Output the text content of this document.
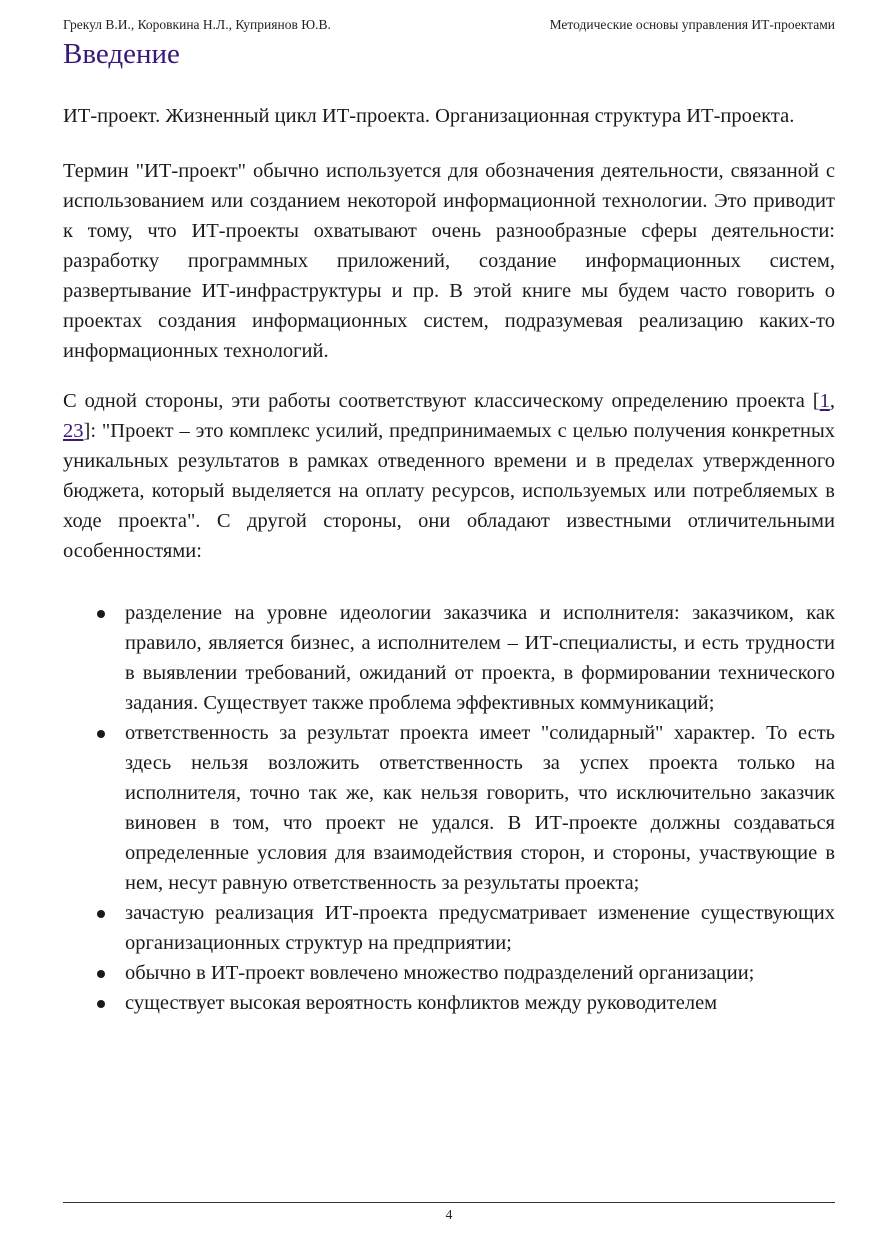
Грекул В.И., Коровкина Н.Л., Куприянов Ю.В.	Методические основы управления ИТ-проектами
Введение

ИТ-проект. Жизненный цикл ИТ-проекта. Организационная структура ИТ-проекта.

Термин "ИТ-проект" обычно используется для обозначения деятельности, связанной с использованием или созданием некоторой информационной технологии. Это приводит к тому, что ИТ-проекты охватывают очень разнообразные сферы деятельности: разработку программных приложений, создание информационных систем, развертывание ИТ-инфраструктуры и пр. В этой книге мы будем часто говорить о проектах создания информационных систем, подразумевая реализацию каких-то информационных технологий.

С одной стороны, эти работы соответствуют классическому определению проекта [1, 23]: "Проект – это комплекс усилий, предпринимаемых с целью получения конкретных уникальных результатов в рамках отведенного времени и в пределах утвержденного бюджета, который выделяется на оплату ресурсов, используемых или потребляемых в ходе проекта". С другой стороны, они обладают известными отличительными особенностями:

разделение на уровне идеологии заказчика и исполнителя: заказчиком, как правило, является бизнес, а исполнителем – ИТ-специалисты, и есть трудности в выявлении требований, ожиданий от проекта, в формировании технического задания. Существует также проблема эффективных коммуникаций;
ответственность за результат проекта имеет "солидарный" характер. То есть здесь нельзя возложить ответственность за успех проекта только на исполнителя, точно так же, как нельзя говорить, что исключительно заказчик виновен в том, что проект не удался. В ИТ-проекте должны создаваться определенные условия для взаимодействия сторон, и стороны, участвующие в нем, несут равную ответственность за результаты проекта;
зачастую реализация ИТ-проекта предусматривает изменение существующих организационных структур на предприятии;
обычно в ИТ-проект вовлечено множество подразделений организации;
существует высокая вероятность конфликтов между руководителем
4
